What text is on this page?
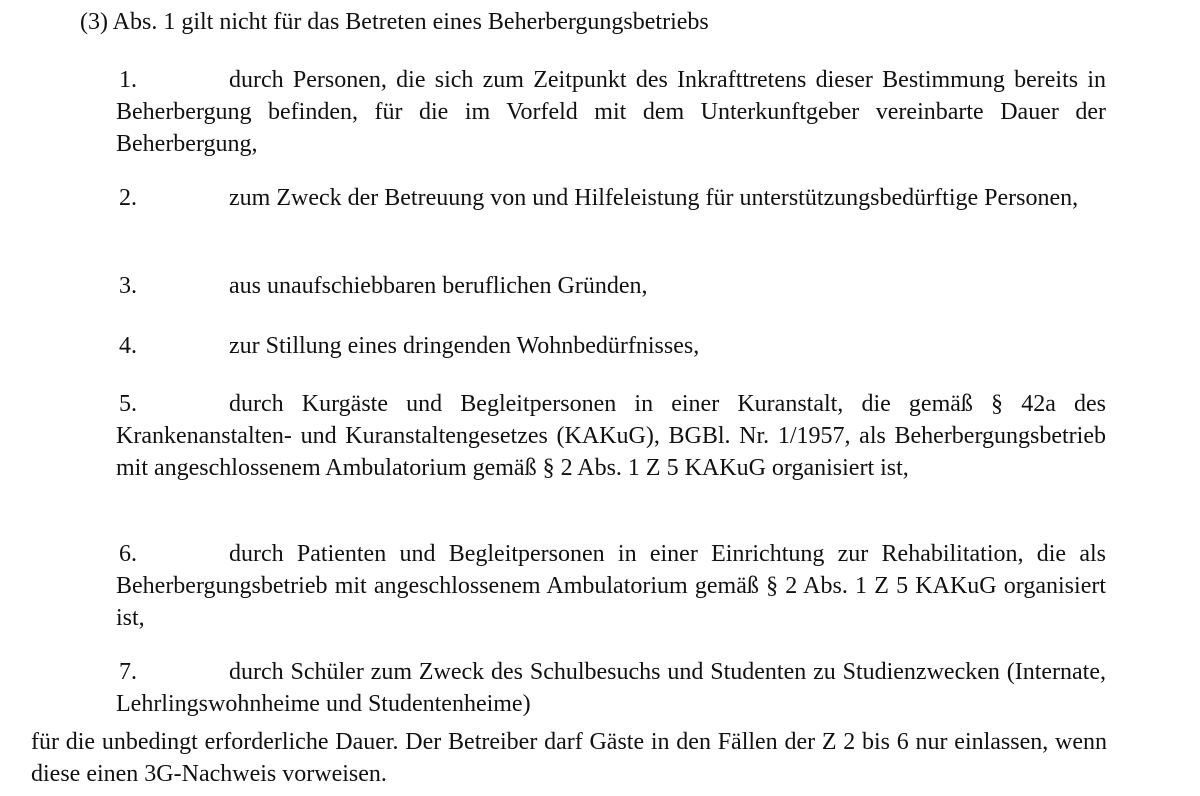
(3) Abs. 1 gilt nicht für das Betreten eines Beherbergungsbetriebs
1.	durch Personen, die sich zum Zeitpunkt des Inkrafttretens dieser Bestimmung bereits in Beherbergung befinden, für die im Vorfeld mit dem Unterkunftgeber vereinbarte Dauer der Beherbergung,
2.	zum Zweck der Betreuung von und Hilfeleistung für unterstützungsbedürftige Personen,
3.	aus unaufschiebbaren beruflichen Gründen,
4.	zur Stillung eines dringenden Wohnbedürfnisses,
5.	durch Kurgäste und Begleitpersonen in einer Kuranstalt, die gemäß § 42a des Krankenanstalten- und Kuranstaltengesetzes (KAKuG), BGBl. Nr. 1/1957, als Beherbergungsbetrieb mit angeschlossenem Ambulatorium gemäß § 2 Abs. 1 Z 5 KAKuG organisiert ist,
6.	durch Patienten und Begleitpersonen in einer Einrichtung zur Rehabilitation, die als Beherbergungsbetrieb mit angeschlossenem Ambulatorium gemäß § 2 Abs. 1 Z 5 KAKuG organisiert ist,
7.	durch Schüler zum Zweck des Schulbesuchs und Studenten zu Studienzwecken (Internate, Lehrlingswohnheime und Studentenheime)
für die unbedingt erforderliche Dauer. Der Betreiber darf Gäste in den Fällen der Z 2 bis 6 nur einlassen, wenn diese einen 3G-Nachweis vorweisen.
